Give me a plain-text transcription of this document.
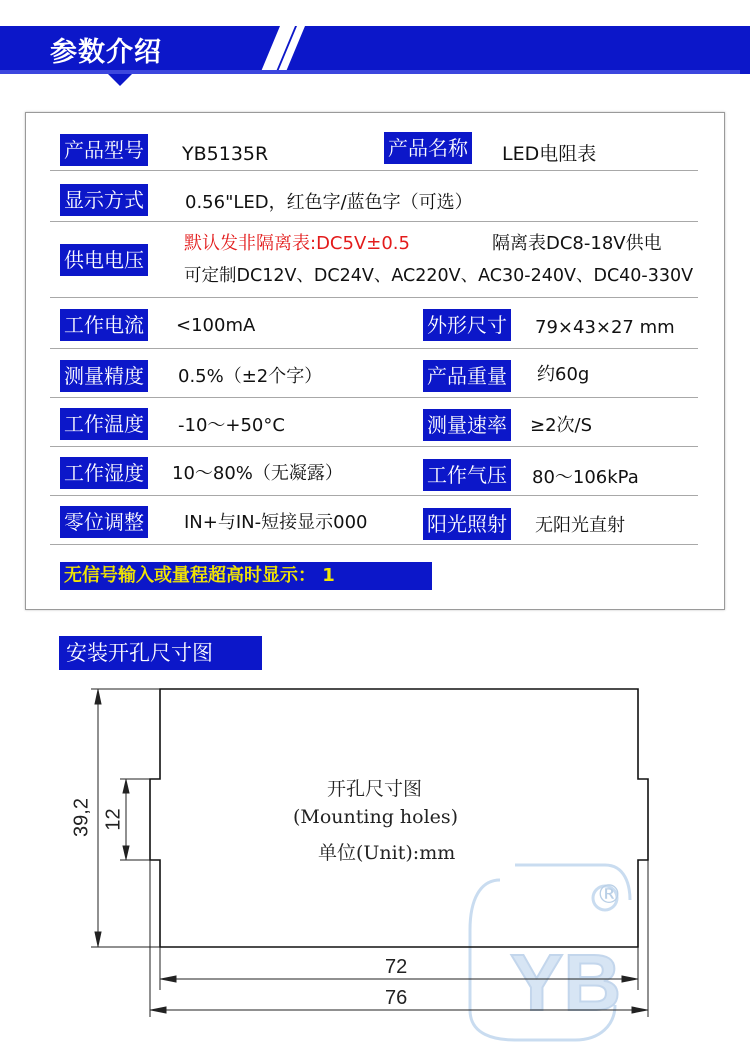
参数介绍
产品型号 YB5135R	产品名称 LED电阻表
显示方式 0.56"LED，红色字/蓝色字（可选）
供电电压
默认发非隔离表:DC5V±0.5	隔离表DC8-18V供电
可定制DC12V、DC24V、AC220V、AC30-240V、DC40-330V
工作电流 <100mA	外形尺寸 79×43×27 mm
测量精度 0.5%（±2个字）	产品重量 约60g
工作温度 -10～+50°C	测量速率 ≥2次/S
工作湿度 10～80%（无凝露）	工作气压 80～106kPa
零位调整 IN+与IN-短接显示000	阳光照射 无阳光直射
无信号输入或量程超高时显示： 1
安装开孔尺寸图
YB
®
开孔尺寸图
(Mounting holes)
单位(Unit):mm
39,2 12
72
76
